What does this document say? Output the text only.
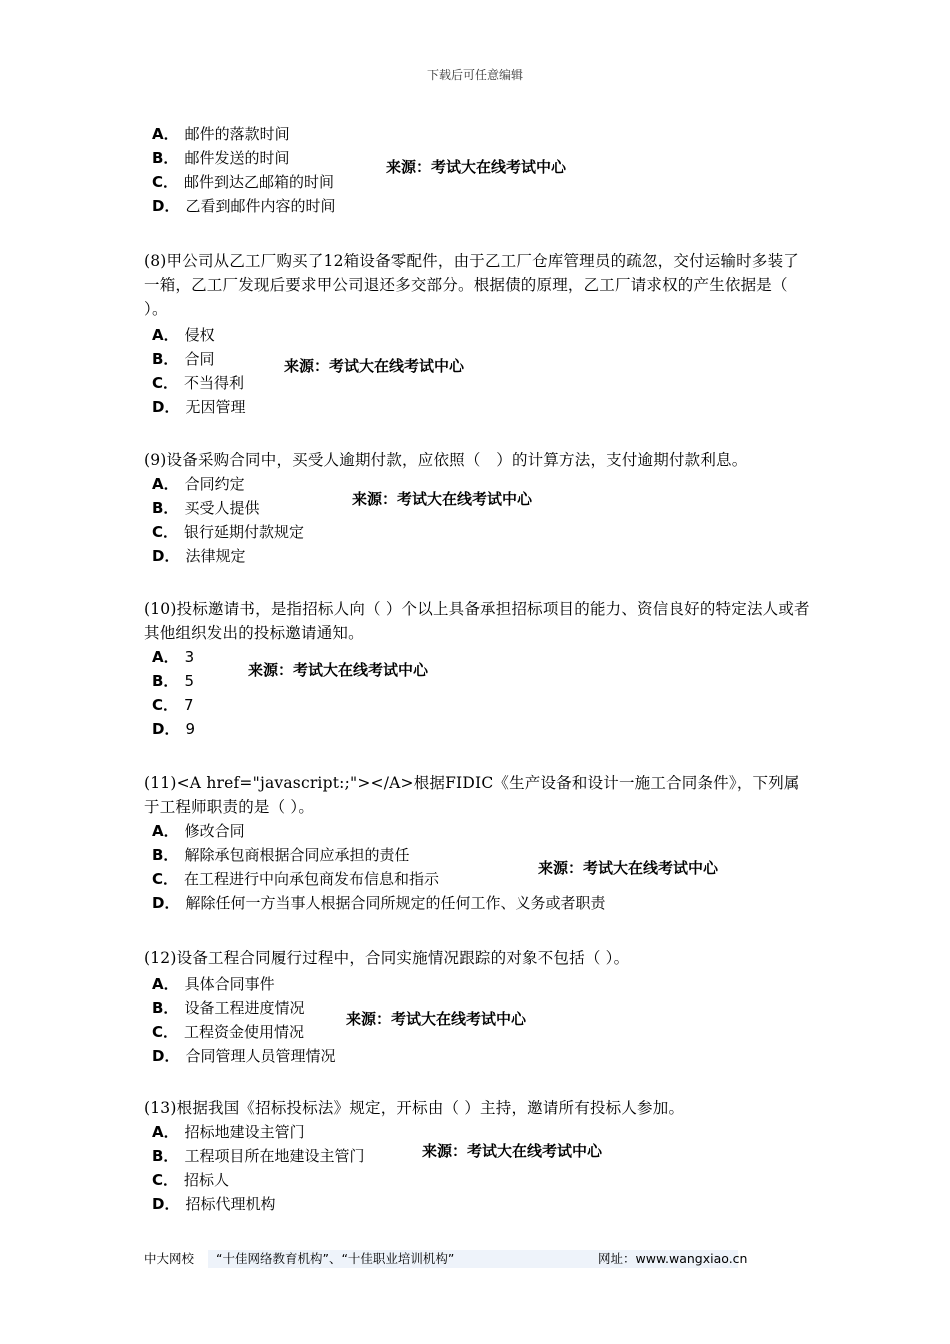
下载后可任意编辑
A． 邮件的落款时间
B． 邮件发送的时间
C． 邮件到达乙邮箱的时间
D． 乙看到邮件内容的时间
来源：考试大在线考试中心

(8)甲公司从乙工厂购买了12箱设备零配件，由于乙工厂仓库管理员的疏忽，交付运输时多装了一箱，乙工厂发现后要求甲公司退还多交部分。根据债的原理，乙工厂请求权的产生依据是（ ）。

A． 侵权
B． 合同
C． 不当得利
D． 无因管理
来源：考试大在线考试中心

(9)设备采购合同中，买受人逾期付款，应依照（　）的计算方法，支付逾期付款利息。

A． 合同约定
B． 买受人提供
C． 银行延期付款规定
D． 法律规定
来源：考试大在线考试中心

(10)投标邀请书，是指招标人向（ ）个以上具备承担招标项目的能力、资信良好的特定法人或者其他组织发出的投标邀请通知。

A． 3
B． 5
C． 7
D． 9
来源：考试大在线考试中心

(11)<A href="javascript:;"></A>根据FIDIC《生产设备和设计一施工合同条件》，下列属于工程师职责的是（ ）。

A． 修改合同
B． 解除承包商根据合同应承担的责任
C． 在工程进行中向承包商发布信息和指示
D． 解除任何一方当事人根据合同所规定的任何工作、义务或者职责
来源：考试大在线考试中心

(12)设备工程合同履行过程中，合同实施情况跟踪的对象不包括（ ）。

A． 具体合同事件
B． 设备工程进度情况
C． 工程资金使用情况
D． 合同管理人员管理情况
来源：考试大在线考试中心

(13)根据我国《招标投标法》规定，开标由（ ）主持，邀请所有投标人参加。

A． 招标地建设主管门
B． 工程项目所在地建设主管门
C． 招标人
D． 招标代理机构
来源：考试大在线考试中心
中大网校 “十佳网络教育机构”、“十佳职业培训机构”	网址：www.wangxiao.cn
